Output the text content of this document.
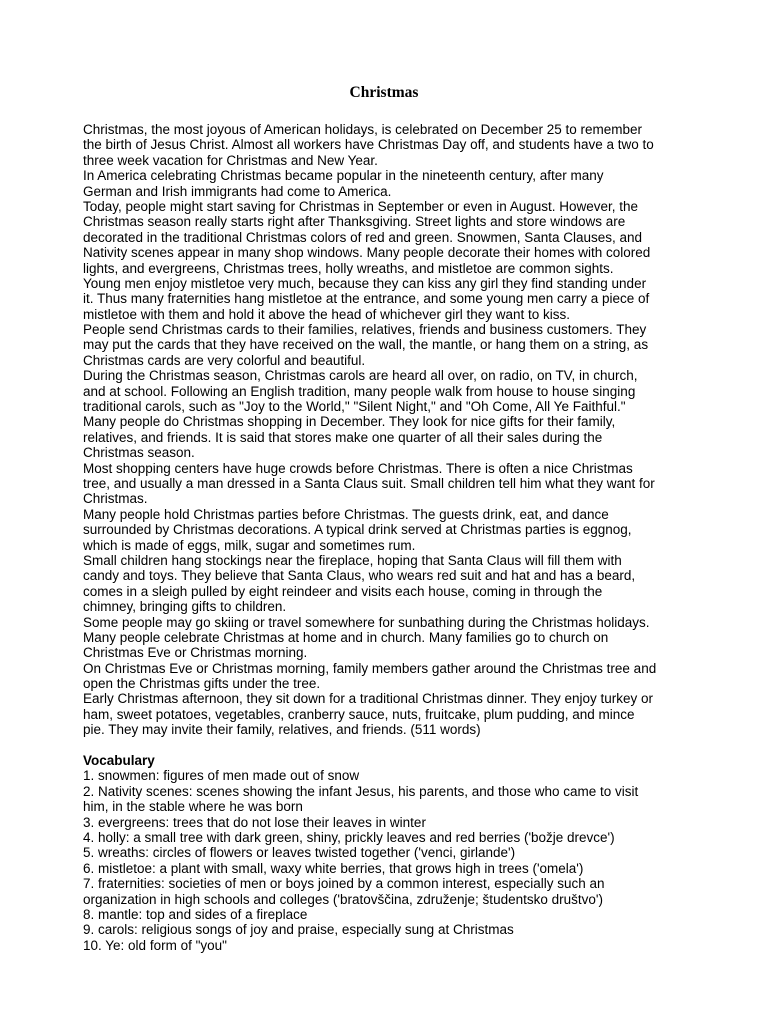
Christmas
Christmas, the most joyous of American holidays, is celebrated on December 25 to remember
the birth of Jesus Christ. Almost all workers have Christmas Day off, and students have a two to
three week vacation for Christmas and New Year.
In America celebrating Christmas became popular in the nineteenth century, after many
German and Irish immigrants had come to America.
Today, people might start saving for Christmas in September or even in August. However, the
Christmas season really starts right after Thanksgiving. Street lights and store windows are
decorated in the traditional Christmas colors of red and green. Snowmen, Santa Clauses, and
Nativity scenes appear in many shop windows. Many people decorate their homes with colored
lights, and evergreens, Christmas trees, holly wreaths, and mistletoe are common sights.
Young men enjoy mistletoe very much, because they can kiss any girl they find standing under
it. Thus many fraternities hang mistletoe at the entrance, and some young men carry a piece of
mistletoe with them and hold it above the head of whichever girl they want to kiss.
People send Christmas cards to their families, relatives, friends and business customers. They
may put the cards that they have received on the wall, the mantle, or hang them on a string, as
Christmas cards are very colorful and beautiful.
During the Christmas season, Christmas carols are heard all over, on radio, on TV, in church,
and at school. Following an English tradition, many people walk from house to house singing
traditional carols, such as "Joy to the World," "Silent Night," and "Oh Come, All Ye Faithful."
Many people do Christmas shopping in December. They look for nice gifts for their family,
relatives, and friends. It is said that stores make one quarter of all their sales during the
Christmas season.
Most shopping centers have huge crowds before Christmas. There is often a nice Christmas
tree, and usually a man dressed in a Santa Claus suit. Small children tell him what they want for
Christmas.
Many people hold Christmas parties before Christmas. The guests drink, eat, and dance
surrounded by Christmas decorations. A typical drink served at Christmas parties is eggnog,
which is made of eggs, milk, sugar and sometimes rum.
Small children hang stockings near the fireplace, hoping that Santa Claus will fill them with
candy and toys. They believe that Santa Claus, who wears red suit and hat and has a beard,
comes in a sleigh pulled by eight reindeer and visits each house, coming in through the
chimney, bringing gifts to children.
Some people may go skiing or travel somewhere for sunbathing during the Christmas holidays.
Many people celebrate Christmas at home and in church. Many families go to church on
Christmas Eve or Christmas morning.
On Christmas Eve or Christmas morning, family members gather around the Christmas tree and
open the Christmas gifts under the tree.
Early Christmas afternoon, they sit down for a traditional Christmas dinner. They enjoy turkey or
ham, sweet potatoes, vegetables, cranberry sauce, nuts, fruitcake, plum pudding, and mince
pie. They may invite their family, relatives, and friends. (511 words)
Vocabulary
1. snowmen: figures of men made out of snow
2. Nativity scenes: scenes showing the infant Jesus, his parents, and those who came to visit
him, in the stable where he was born
3. evergreens: trees that do not lose their leaves in winter
4. holly: a small tree with dark green, shiny, prickly leaves and red berries ('božje drevce')
5. wreaths: circles of flowers or leaves twisted together ('venci, girlande')
6. mistletoe: a plant with small, waxy white berries, that grows high in trees ('omela')
7. fraternities: societies of men or boys joined by a common interest, especially such an
organization in high schools and colleges ('bratovščina, združenje; študentsko društvo')
8. mantle: top and sides of a fireplace
9. carols: religious songs of joy and praise, especially sung at Christmas
10. Ye: old form of "you"
